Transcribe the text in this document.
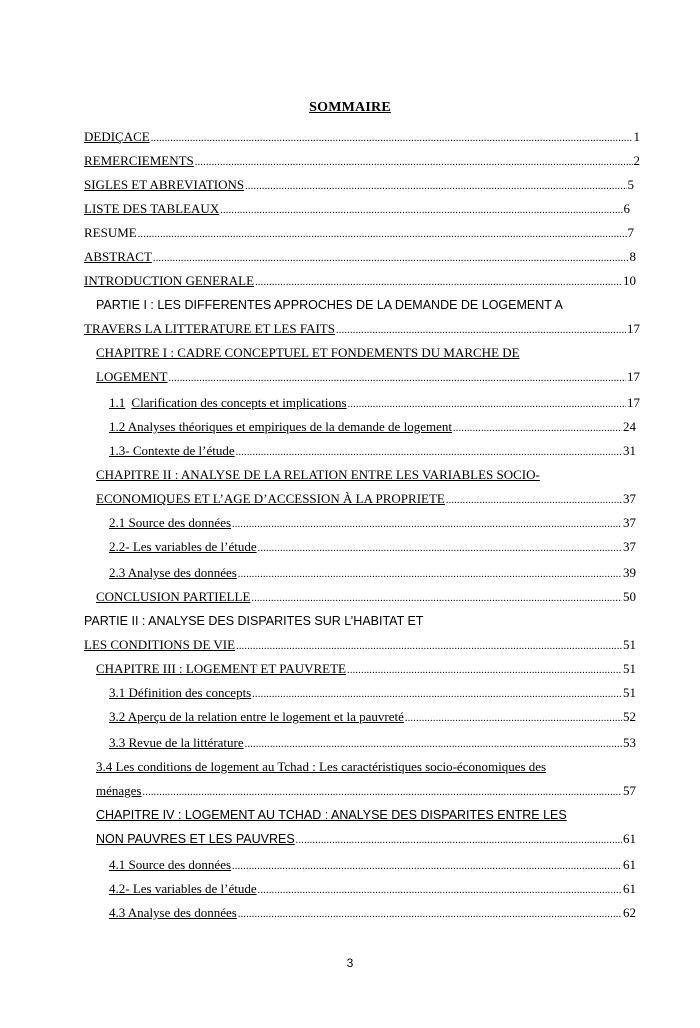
SOMMAIRE
DEDIÇACE .....	1
REMERCIEMENTS .....	2
SIGLES ET ABREVIATIONS .....	5
LISTE DES TABLEAUX .....	6
RESUME .....	7
ABSTRACT .....	8
INTRODUCTION GENERALE .....	10
PARTIE I : LES DIFFERENTES APPROCHES DE LA DEMANDE DE LOGEMENT A
TRAVERS LA LITTERATURE ET LES FAITS .....	17
CHAPITRE I : CADRE CONCEPTUEL ET FONDEMENTS DU MARCHE DE
LOGEMENT .....	17
1.1 Clarification des concepts et implications .....	17
1.2 Analyses théoriques et empiriques de la demande de logement .....	24
1.3- Contexte de l’étude .....	31
CHAPITRE II : ANALYSE DE LA RELATION ENTRE LES VARIABLES SOCIO-
ECONOMIQUES ET L’AGE D’ACCESSION À LA PROPRIETE .....	37
2.1 Source des données .....	37
2.2- Les variables de l’étude .....	37
2.3 Analyse des données .....	39
CONCLUSION PARTIELLE .....	50
PARTIE II : ANALYSE DES DISPARITES SUR L’HABITAT ET
LES CONDITIONS DE VIE .....	51
CHAPITRE III : LOGEMENT ET PAUVRETE .....	51
3.1 Définition des concepts .....	51
3.2 Aperçu de la relation entre le logement et la pauvreté .....	52
3.3 Revue de la littérature .....	53
3.4 Les conditions de logement au Tchad : Les caractéristiques socio-économiques des
ménages .....	57
CHAPITRE IV : LOGEMENT AU TCHAD : ANALYSE DES DISPARITES ENTRE LES
NON PAUVRES ET LES PAUVRES .....	61
4.1 Source des données .....	61
4.2- Les variables de l’étude .....	61
4.3 Analyse des données .....	62
3
